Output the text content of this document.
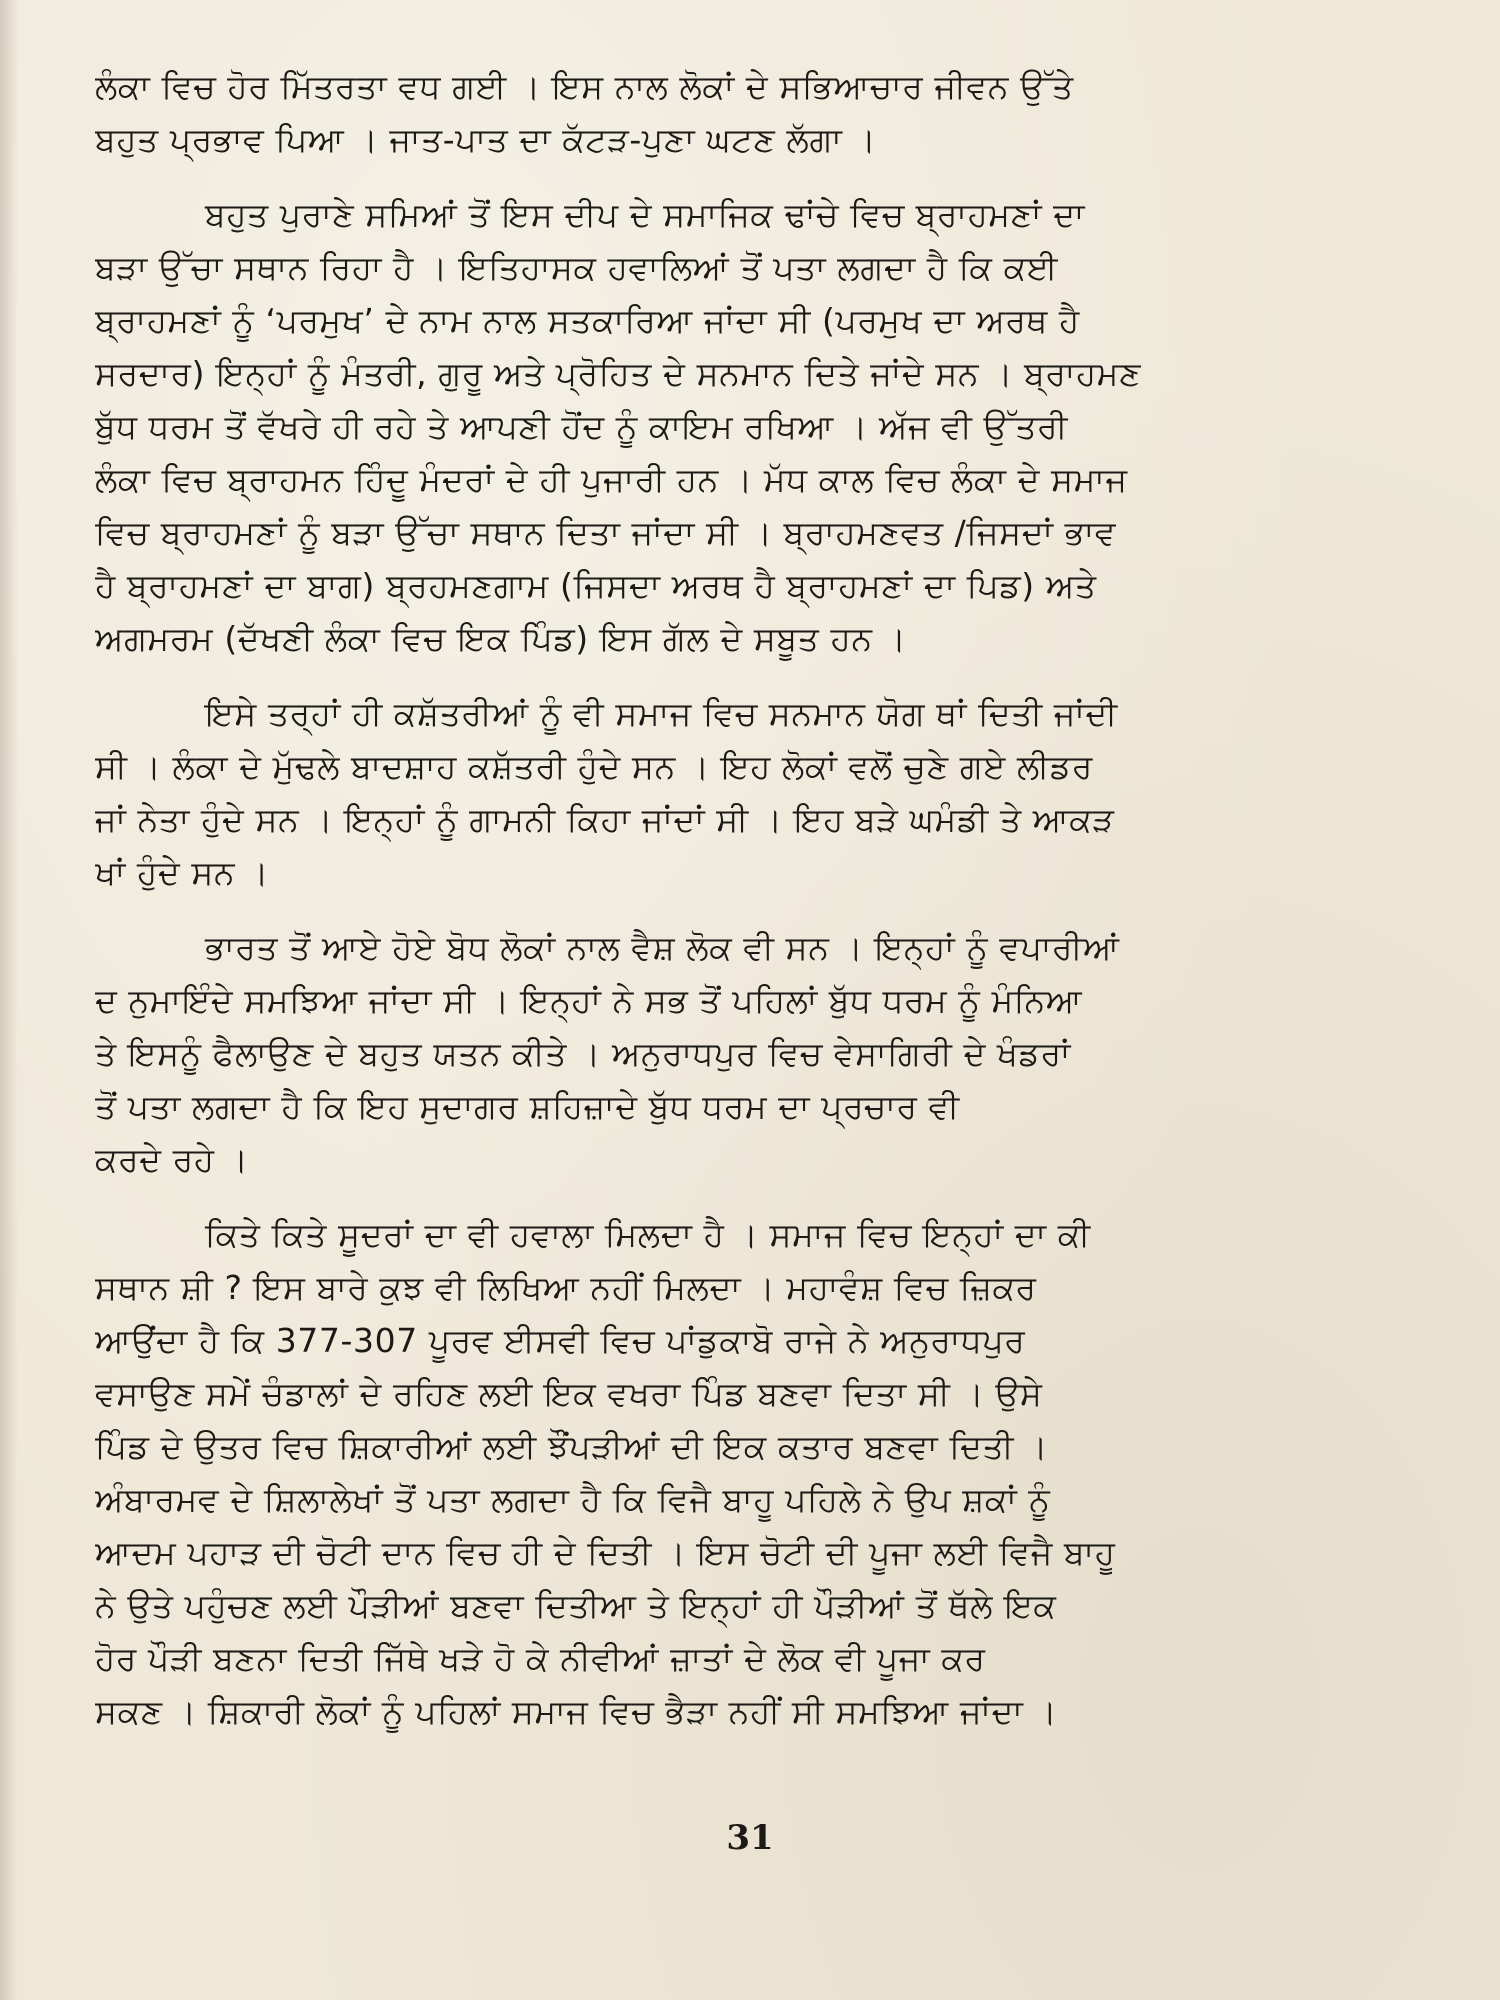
ਲੰਕਾ ਵਿਚ ਹੋਰ ਮਿੱਤਰਤਾ ਵਧ ਗਈ । ਇਸ ਨਾਲ ਲੋਕਾਂ ਦੇ ਸਭਿਆਚਾਰ ਜੀਵਨ ਉੱਤੇ
ਬਹੁਤ ਪ੍ਰਭਾਵ ਪਿਆ । ਜਾਤ-ਪਾਤ ਦਾ ਕੱਟੜ-ਪੁਣਾ ਘਟਣ ਲੱਗਾ ।
ਬਹੁਤ ਪੁਰਾਣੇ ਸਮਿਆਂ ਤੋਂ ਇਸ ਦੀਪ ਦੇ ਸਮਾਜਿਕ ਢਾਂਚੇ ਵਿਚ ਬ੍ਰਾਹਮਣਾਂ ਦਾ
ਬੜਾ ਉੱਚਾ ਸਥਾਨ ਰਿਹਾ ਹੈ । ਇਤਿਹਾਸਕ ਹਵਾਲਿਆਂ ਤੋਂ ਪਤਾ ਲਗਦਾ ਹੈ ਕਿ ਕਈ
ਬ੍ਰਾਹਮਣਾਂ ਨੂੰ ‘ਪਰਮੁਖ’ ਦੇ ਨਾਮ ਨਾਲ ਸਤਕਾਰਿਆ ਜਾਂਦਾ ਸੀ (ਪਰਮੁਖ ਦਾ ਅਰਥ ਹੈ
ਸਰਦਾਰ) ਇਨ੍ਹਾਂ ਨੂੰ ਮੰਤਰੀ, ਗੁਰੂ ਅਤੇ ਪ੍ਰੋਹਿਤ ਦੇ ਸਨਮਾਨ ਦਿਤੇ ਜਾਂਦੇ ਸਨ । ਬ੍ਰਾਹਮਣ
ਬੁੱਧ ਧਰਮ ਤੋਂ ਵੱਖਰੇ ਹੀ ਰਹੇ ਤੇ ਆਪਣੀ ਹੋਂਦ ਨੂੰ ਕਾਇਮ ਰਖਿਆ । ਅੱਜ ਵੀ ਉੱਤਰੀ
ਲੰਕਾ ਵਿਚ ਬ੍ਰਾਹਮਨ ਹਿੰਦੂ ਮੰਦਰਾਂ ਦੇ ਹੀ ਪੁਜਾਰੀ ਹਨ । ਮੱਧ ਕਾਲ ਵਿਚ ਲੰਕਾ ਦੇ ਸਮਾਜ
ਵਿਚ ਬ੍ਰਾਹਮਣਾਂ ਨੂੰ ਬੜਾ ਉੱਚਾ ਸਥਾਨ ਦਿਤਾ ਜਾਂਦਾ ਸੀ । ਬ੍ਰਾਹਮਣਵਤ /ਜਿਸਦਾਂ ਭਾਵ
ਹੈ ਬ੍ਰਾਹਮਣਾਂ ਦਾ ਬਾਗ) ਬ੍ਰਹਮਣਗਾਮ (ਜਿਸਦਾ ਅਰਥ ਹੈ ਬ੍ਰਾਹਮਣਾਂ ਦਾ ਪਿਡ) ਅਤੇ
ਅਗਮਰਮ (ਦੱਖਣੀ ਲੰਕਾ ਵਿਚ ਇਕ ਪਿੰਡ) ਇਸ ਗੱਲ ਦੇ ਸਬੂਤ ਹਨ ।
ਇਸੇ ਤਰ੍ਹਾਂ ਹੀ ਕਸ਼ੱਤਰੀਆਂ ਨੂੰ ਵੀ ਸਮਾਜ ਵਿਚ ਸਨਮਾਨ ਯੋਗ ਥਾਂ ਦਿਤੀ ਜਾਂਦੀ
ਸੀ । ਲੰਕਾ ਦੇ ਮੁੱਢਲੇ ਬਾਦਸ਼ਾਹ ਕਸ਼ੱਤਰੀ ਹੁੰਦੇ ਸਨ । ਇਹ ਲੋਕਾਂ ਵਲੋਂ ਚੁਣੇ ਗਏ ਲੀਡਰ
ਜਾਂ ਨੇਤਾ ਹੁੰਦੇ ਸਨ । ਇਨ੍ਹਾਂ ਨੂੰ ਗਾਮਨੀ ਕਿਹਾ ਜਾਂਦਾਂ ਸੀ । ਇਹ ਬੜੇ ਘਮੰਡੀ ਤੇ ਆਕੜ
ਖਾਂ ਹੁੰਦੇ ਸਨ ।
ਭਾਰਤ ਤੋਂ ਆਏ ਹੋਏ ਬੋਧ ਲੋਕਾਂ ਨਾਲ ਵੈਸ਼ ਲੋਕ ਵੀ ਸਨ । ਇਨ੍ਹਾਂ ਨੂੰ ਵਪਾਰੀਆਂ
ਦ ਨੁਮਾਇੰਦੇ ਸਮਝਿਆ ਜਾਂਦਾ ਸੀ । ਇਨ੍ਹਾਂ ਨੇ ਸਭ ਤੋਂ ਪਹਿਲਾਂ ਬੁੱਧ ਧਰਮ ਨੂੰ ਮੰਨਿਆ
ਤੇ ਇਸਨੂੰ ਫੈਲਾਉਣ ਦੇ ਬਹੁਤ ਯਤਨ ਕੀਤੇ । ਅਨੁਰਾਧਪੁਰ ਵਿਚ ਵੇਸਾਗਿਰੀ ਦੇ ਖੰਡਰਾਂ
ਤੋਂ ਪਤਾ ਲਗਦਾ ਹੈ ਕਿ ਇਹ ਸੁਦਾਗਰ ਸ਼ਹਿਜ਼ਾਦੇ ਬੁੱਧ ਧਰਮ ਦਾ ਪ੍ਰਚਾਰ ਵੀ
ਕਰਦੇ ਰਹੇ ।
ਕਿਤੇ ਕਿਤੇ ਸੂਦਰਾਂ ਦਾ ਵੀ ਹਵਾਲਾ ਮਿਲਦਾ ਹੈ । ਸਮਾਜ ਵਿਚ ਇਨ੍ਹਾਂ ਦਾ ਕੀ
ਸਥਾਨ ਸ਼ੀ ? ਇਸ ਬਾਰੇ ਕੁਝ ਵੀ ਲਿਖਿਆ ਨਹੀਂ ਮਿਲਦਾ । ਮਹਾਵੰਸ਼ ਵਿਚ ਜ਼ਿਕਰ
ਆਉਂਦਾ ਹੈ ਕਿ 377-307 ਪੂਰਵ ਈਸਵੀ ਵਿਚ ਪਾਂਡੁਕਾਬੋ ਰਾਜੇ ਨੇ ਅਨੁਰਾਧਪੁਰ
ਵਸਾਉਣ ਸਮੇਂ ਚੰਡਾਲਾਂ ਦੇ ਰਹਿਣ ਲਈ ਇਕ ਵਖਰਾ ਪਿੰਡ ਬਣਵਾ ਦਿਤਾ ਸੀ । ਉਸੇ
ਪਿੰਡ ਦੇ ਉਤਰ ਵਿਚ ਸ਼ਿਕਾਰੀਆਂ ਲਈ ਝੌਂਪੜੀਆਂ ਦੀ ਇਕ ਕਤਾਰ ਬਣਵਾ ਦਿਤੀ ।
ਅੰਬਾਰਮਵ ਦੇ ਸ਼ਿਲਾਲੇਖਾਂ ਤੋਂ ਪਤਾ ਲਗਦਾ ਹੈ ਕਿ ਵਿਜੈ ਬਾਹੂ ਪਹਿਲੇ ਨੇ ਉਪ ਸ਼ਕਾਂ ਨੂੰ
ਆਦਮ ਪਹਾੜ ਦੀ ਚੋਟੀ ਦਾਨ ਵਿਚ ਹੀ ਦੇ ਦਿਤੀ । ਇਸ ਚੋਟੀ ਦੀ ਪੂਜਾ ਲਈ ਵਿਜੈ ਬਾਹੂ
ਨੇ ਉਤੇ ਪਹੁੰਚਣ ਲਈ ਪੌੜੀਆਂ ਬਣਵਾ ਦਿਤੀਆ ਤੇ ਇਨ੍ਹਾਂ ਹੀ ਪੌੜੀਆਂ ਤੋਂ ਥੱਲੇ ਇਕ
ਹੋਰ ਪੌੜੀ ਬਣਨਾ ਦਿਤੀ ਜਿੱਥੇ ਖੜੇ ਹੋ ਕੇ ਨੀਵੀਆਂ ਜ਼ਾਤਾਂ ਦੇ ਲੋਕ ਵੀ ਪੂਜਾ ਕਰ
ਸਕਣ । ਸ਼ਿਕਾਰੀ ਲੋਕਾਂ ਨੂੰ ਪਹਿਲਾਂ ਸਮਾਜ ਵਿਚ ਭੈੜਾ ਨਹੀਂ ਸੀ ਸਮਝਿਆ ਜਾਂਦਾ ।
31
